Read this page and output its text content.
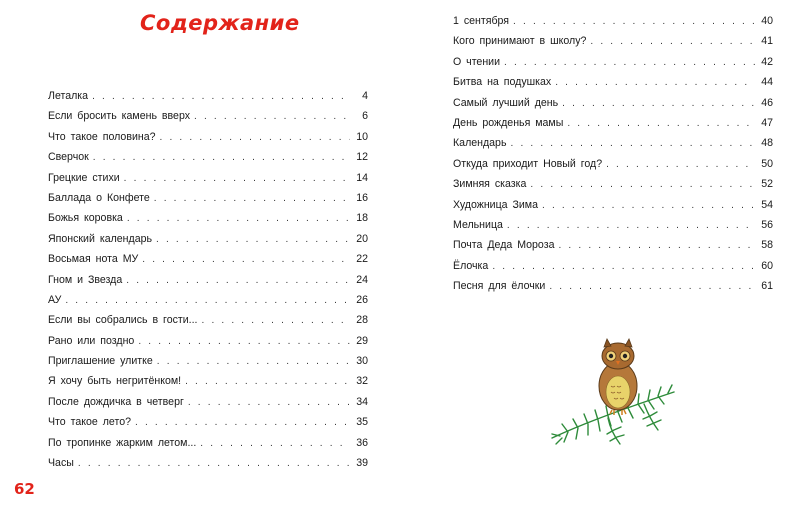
Содержание
Леталка . . .	4
Если бросить камень вверх . . .	6
Что такое половина? . . .	10
Сверчок . . .	12
Грецкие стихи . . .	14
Баллада о Конфете . . .	16
Божья коровка . . .	18
Японский календарь . . .	20
Восьмая нота МУ . . .	22
Гном и Звезда . . .	24
АУ . . .	26
Если вы собрались в гости... . . .	28
Рано или поздно . . .	29
Приглашение улитке . . .	30
Я хочу быть негритёнком! . . .	32
После дождичка в четверг . . .	34
Что такое лето? . . .	35
По тропинке жарким летом... . . .	36
Часы . . .	39
1 сентября . . .	40
Кого принимают в школу? . . .	41
О чтении . . .	42
Битва на подушках . . .	44
Самый лучший день . . .	46
День рожденья мамы . . .	47
Календарь . . .	48
Откуда приходит Новый год? . . .	50
Зимняя сказка . . .	52
Художница Зима . . .	54
Мельница . . .	56
Почта Деда Мороза . . .	58
Ёлочка . . .	60
Песня для ёлочки . . .	61
62
